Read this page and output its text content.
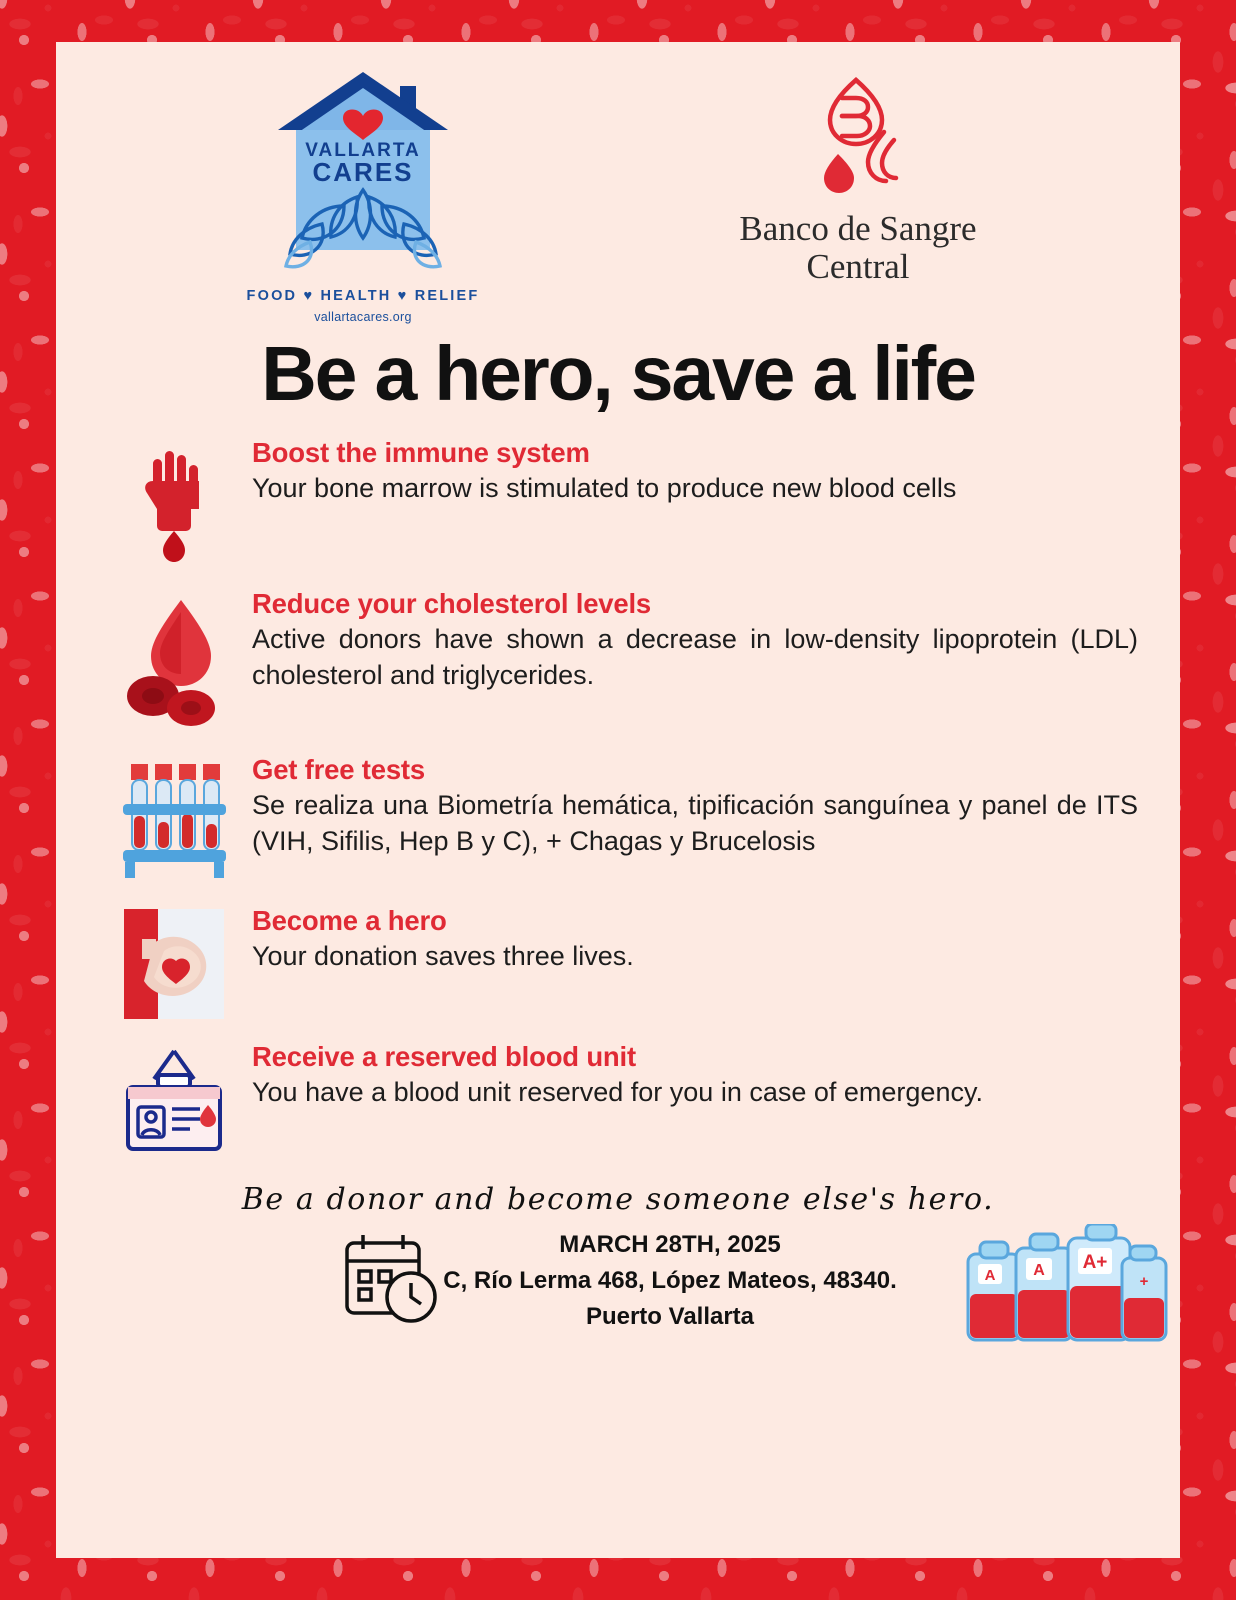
VALLARTA
CARES
FOOD ♥ HEALTH ♥ RELIEF
vallartacares.org
Banco de Sangre
Central
Be a hero, save a life
Boost the immune system

Your bone marrow is stimulated to produce new blood cells

Reduce your cholesterol levels

Active donors have shown a decrease in low-density lipoprotein (LDL) cholesterol and triglycerides.

Get free tests

Se realiza una Biometría hemática, tipificación sanguínea y panel de ITS (VIH, Sifilis, Hep B y C), + Chagas y Brucelosis

Become a hero

Your donation saves three lives.

Receive a reserved blood unit

You have a blood unit reserved for you in case of emergency.

Be a donor and become someone else's hero.
MARCH 28TH, 2025
C, Río Lerma 468, López Mateos, 48340.
Puerto Vallarta
A A A+
+
